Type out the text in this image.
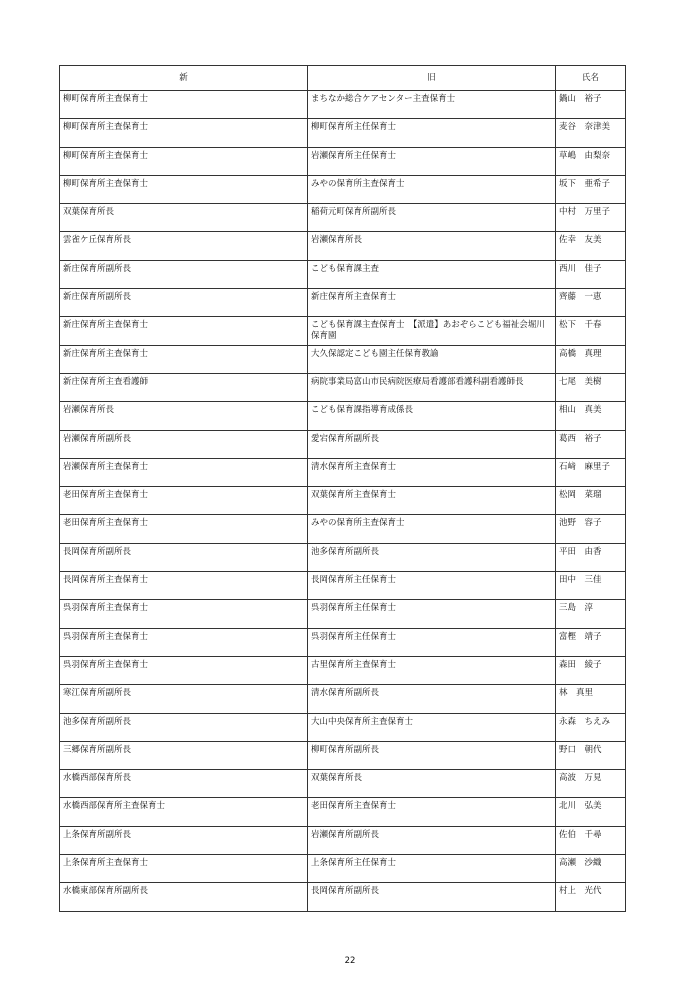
新	旧	氏名
柳町保育所主査保育士	まちなか総合ケアセンター主査保育士	鍋山　裕子
柳町保育所主査保育士	柳町保育所主任保育士	麦谷　奈津美
柳町保育所主査保育士	岩瀬保育所主任保育士	草嶋　由梨奈
柳町保育所主査保育士	みやの保育所主査保育士	坂下　亜希子
双葉保育所長	稲荷元町保育所副所長	中村　万里子
雲雀ケ丘保育所長	岩瀬保育所長	佐幸　友美
新庄保育所副所長	こども保育課主査	西川　佳子
新庄保育所副所長	新庄保育所主査保育士	齊藤　一恵
新庄保育所主査保育士	こども保育課主査保育士　【派遣】あおぞらこども福祉会堀川保育園	松下　千春
新庄保育所主査保育士	大久保認定こども園主任保育教諭	高橋　真理
新庄保育所主査看護師	病院事業局富山市民病院医療局看護部看護科副看護師長	七尾　美樹
岩瀬保育所長	こども保育課指導育成係長	相山　真美
岩瀬保育所副所長	愛宕保育所副所長	葛西　裕子
岩瀬保育所主査保育士	清水保育所主査保育士	石﨑　麻里子
老田保育所主査保育士	双葉保育所主査保育士	松岡　菜瑠
老田保育所主査保育士	みやの保育所主査保育士	池野　容子
長岡保育所副所長	池多保育所副所長	平田　由香
長岡保育所主査保育士	長岡保育所主任保育士	田中　三佳
呉羽保育所主査保育士	呉羽保育所主任保育士	三島　淳
呉羽保育所主査保育士	呉羽保育所主任保育士	富樫　靖子
呉羽保育所主査保育士	古里保育所主査保育士	森田　綾子
寒江保育所副所長	清水保育所副所長	林　真里
池多保育所副所長	大山中央保育所主査保育士	永森　ちえみ
三郷保育所副所長	柳町保育所副所長	野口　朝代
水橋西部保育所長	双葉保育所長	高波　万見
水橋西部保育所主査保育士	老田保育所主査保育士	北川　弘美
上条保育所副所長	岩瀬保育所副所長	佐伯　千尋
上条保育所主査保育士	上条保育所主任保育士	高瀬　沙織
水橋東部保育所副所長	長岡保育所副所長	村上　光代
22
